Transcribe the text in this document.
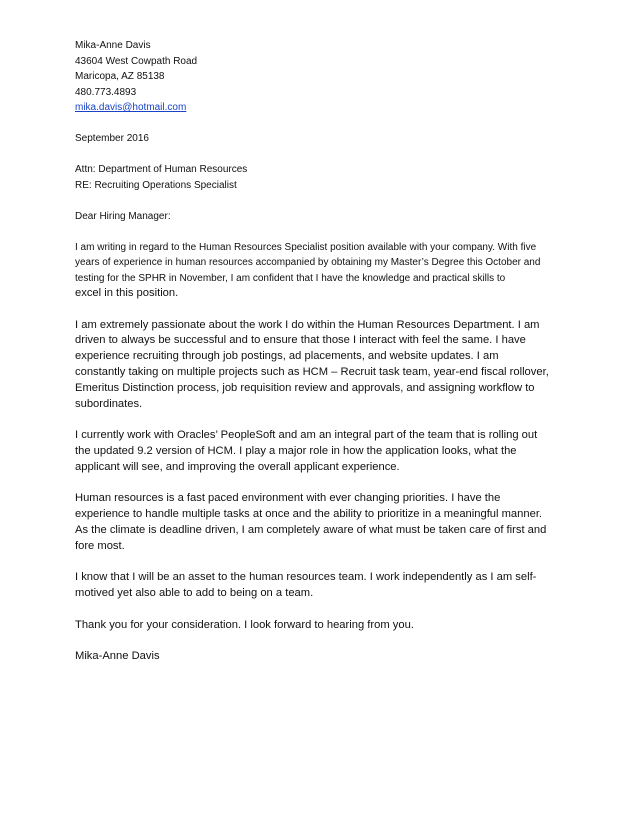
Mika-Anne Davis
43604 West Cowpath Road
Maricopa, AZ 85138
480.773.4893
mika.davis@hotmail.com
September 2016
Attn: Department of Human Resources
RE: Recruiting Operations Specialist
Dear Hiring Manager:

I am writing in regard to the Human Resources Specialist position available with your company. With five
years of experience in human resources accompanied by obtaining my Master’s Degree this October and
testing for the SPHR in November, I am confident that I have the knowledge and practical skills to
excel in this position.

I am extremely passionate about the work I do within the Human Resources Department. I am
driven to always be successful and to ensure that those I interact with feel the same. I have
experience recruiting through job postings, ad placements, and website updates. I am
constantly taking on multiple projects such as HCM – Recruit task team, year-end fiscal rollover,
Emeritus Distinction process, job requisition review and approvals, and assigning workflow to
subordinates.

I currently work with Oracles’ PeopleSoft and am an integral part of the team that is rolling out
the updated 9.2 version of HCM. I play a major role in how the application looks, what the
applicant will see, and improving the overall applicant experience.

Human resources is a fast paced environment with ever changing priorities. I have the
experience to handle multiple tasks at once and the ability to prioritize in a meaningful manner.
As the climate is deadline driven, I am completely aware of what must be taken care of first and
fore most.

I know that I will be an asset to the human resources team. I work independently as I am self-
motived yet also able to add to being on a team.

Thank you for your consideration. I look forward to hearing from you.

Mika-Anne Davis
